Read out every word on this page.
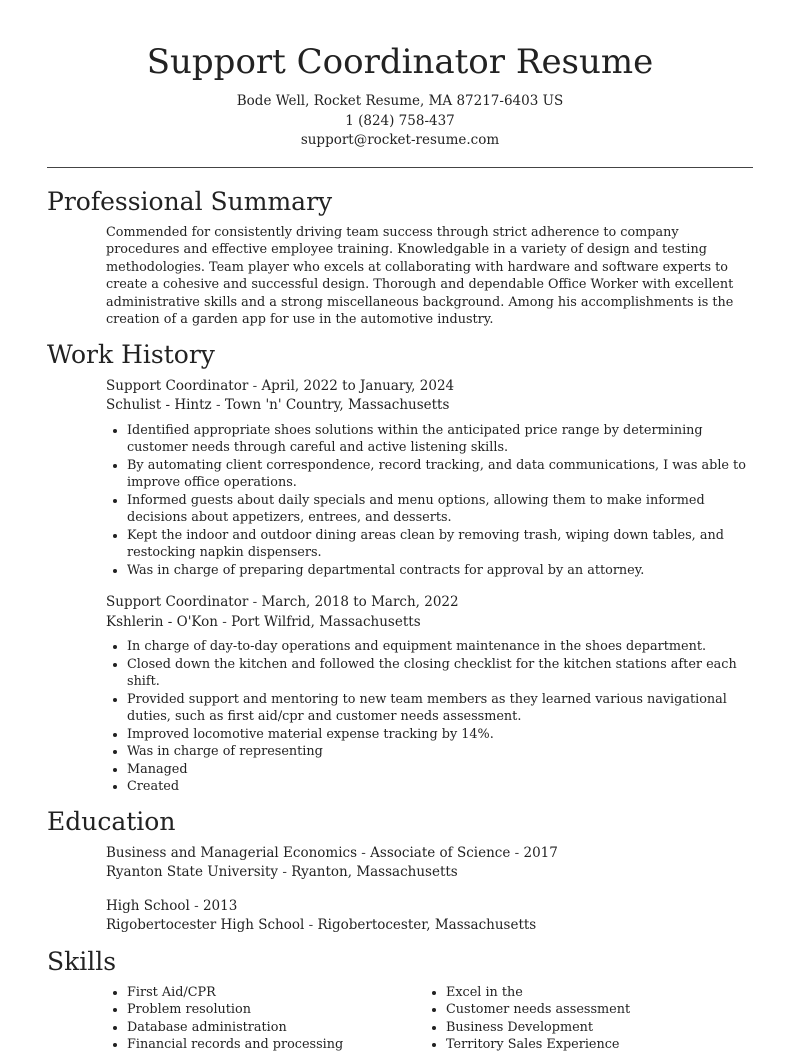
Support Coordinator Resume
Bode Well, Rocket Resume, MA 87217-6403 US
1 (824) 758-437
support@rocket-resume.com
Professional Summary

Commended for consistently driving team success through strict adherence to company procedures and effective employee training. Knowledgable in a variety of design and testing methodologies. Team player who excels at collaborating with hardware and software experts to create a cohesive and successful design. Thorough and dependable Office Worker with excellent administrative skills and a strong miscellaneous background. Among his accomplishments is the creation of a garden app for use in the automotive industry.

Work History
Support Coordinator - April, 2022 to January, 2024
Schulist - Hintz - Town 'n' Country, Massachusetts
• Identified appropriate shoes solutions within the anticipated price range by determining customer needs through careful and active listening skills.
• By automating client correspondence, record tracking, and data communications, I was able to improve office operations.
• Informed guests about daily specials and menu options, allowing them to make informed decisions about appetizers, entrees, and desserts.
• Kept the indoor and outdoor dining areas clean by removing trash, wiping down tables, and restocking napkin dispensers.
• Was in charge of preparing departmental contracts for approval by an attorney.
Support Coordinator - March, 2018 to March, 2022
Kshlerin - O'Kon - Port Wilfrid, Massachusetts
• In charge of day-to-day operations and equipment maintenance in the shoes department.
• Closed down the kitchen and followed the closing checklist for the kitchen stations after each shift.
• Provided support and mentoring to new team members as they learned various navigational duties, such as first aid/cpr and customer needs assessment.
• Improved locomotive material expense tracking by 14%.
• Was in charge of representing
• Managed
• Created
Education
Business and Managerial Economics - Associate of Science - 2017
Ryanton State University - Ryanton, Massachusetts
High School - 2013
Rigobertocester High School - Rigobertocester, Massachusetts
Skills
• First Aid/CPR
• Problem resolution
• Database administration
• Financial records and processing
• Excel in the
• Customer needs assessment
• Business Development
• Territory Sales Experience
